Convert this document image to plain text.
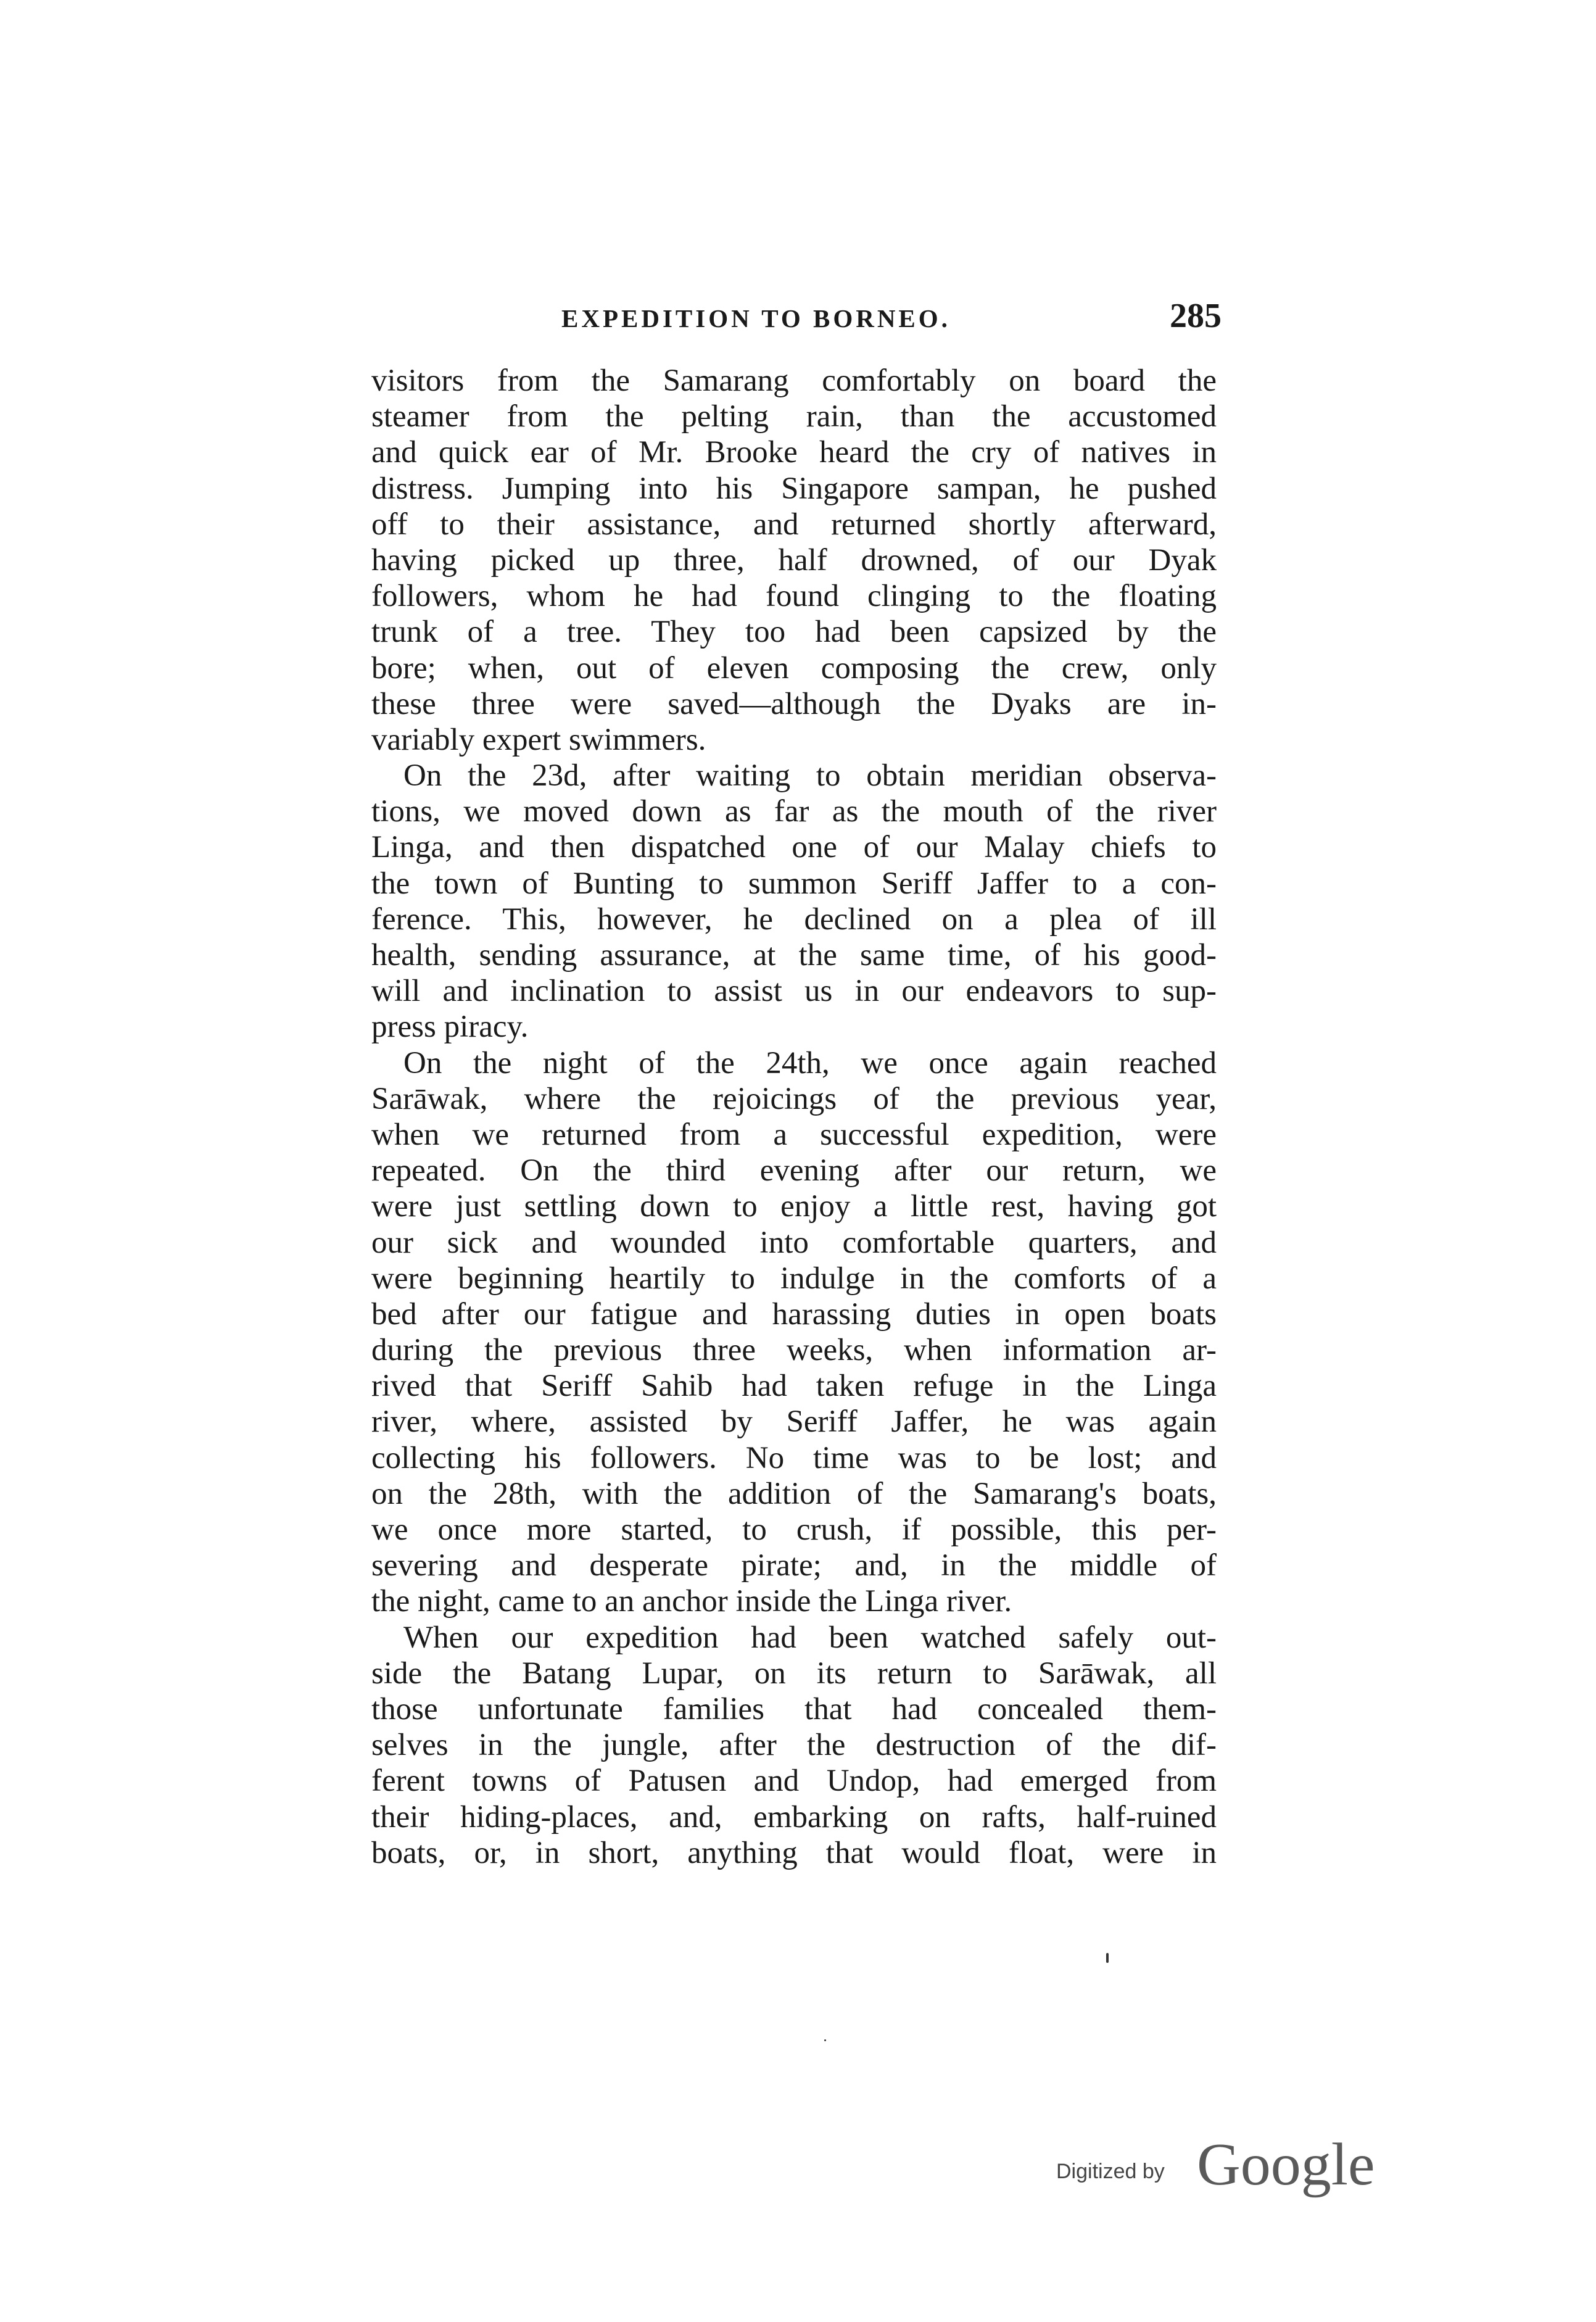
EXPEDITION TO BORNEO.	285
visitors from the Samarang comfortably on board the
steamer from the pelting rain, than the accustomed
and quick ear of Mr. Brooke heard the cry of natives in
distress. Jumping into his Singapore sampan, he pushed
off to their assistance, and returned shortly afterward,
having picked up three, half drowned, of our Dyak
followers, whom he had found clinging to the floating
trunk of a tree. They too had been capsized by the
bore; when, out of eleven composing the crew, only
these three were saved—although the Dyaks are in-
variably expert swimmers.
On the 23d, after waiting to obtain meridian observa-
tions, we moved down as far as the mouth of the river
Linga, and then dispatched one of our Malay chiefs to
the town of Bunting to summon Seriff Jaffer to a con-
ference. This, however, he declined on a plea of ill
health, sending assurance, at the same time, of his good-
will and inclination to assist us in our endeavors to sup-
press piracy.
On the night of the 24th, we once again reached
Sarāwak, where the rejoicings of the previous year,
when we returned from a successful expedition, were
repeated. On the third evening after our return, we
were just settling down to enjoy a little rest, having got
our sick and wounded into comfortable quarters, and
were beginning heartily to indulge in the comforts of a
bed after our fatigue and harassing duties in open boats
during the previous three weeks, when information ar-
rived that Seriff Sahib had taken refuge in the Linga
river, where, assisted by Seriff Jaffer, he was again
collecting his followers. No time was to be lost; and
on the 28th, with the addition of the Samarang's boats,
we once more started, to crush, if possible, this per-
severing and desperate pirate; and, in the middle of
the night, came to an anchor inside the Linga river.
When our expedition had been watched safely out-
side the Batang Lupar, on its return to Sarāwak, all
those unfortunate families that had concealed them-
selves in the jungle, after the destruction of the dif-
ferent towns of Patusen and Undop, had emerged from
their hiding-places, and, embarking on rafts, half-ruined
boats, or, in short, anything that would float, were in
Digitized by Google
